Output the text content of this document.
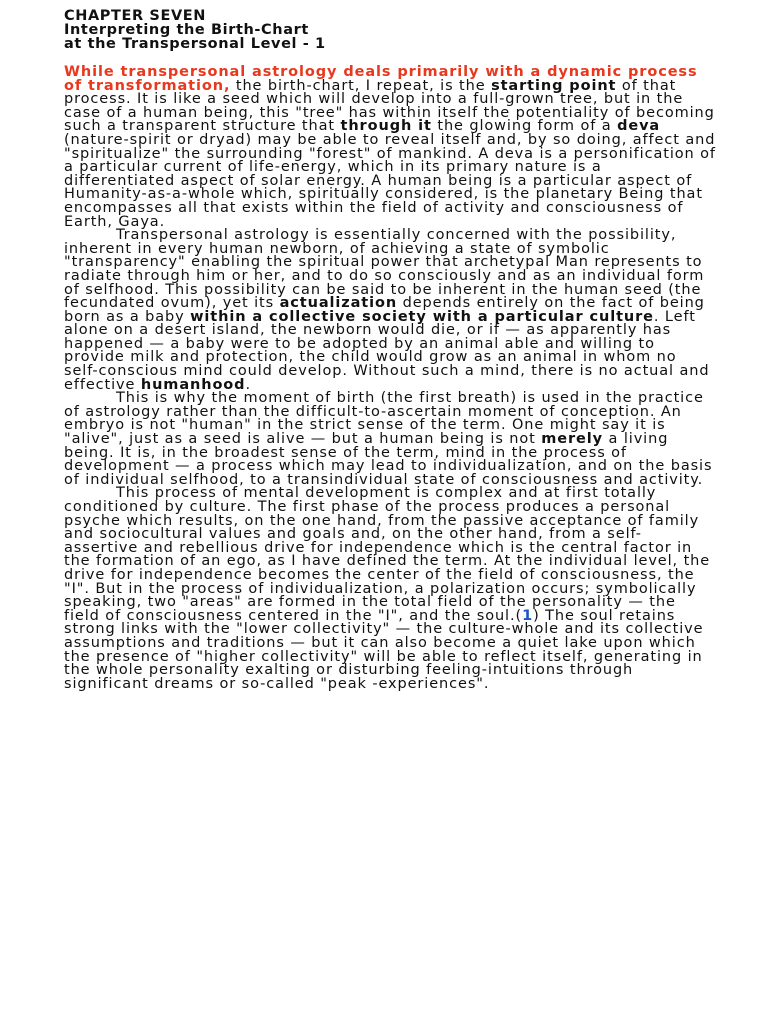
CHAPTER SEVEN
Interpreting the Birth-Chart
at the Transpersonal Level - 1

While transpersonal astrology deals primarily with a dynamic process of transformation, the birth-chart, I repeat, is the starting point of that process. It is like a seed which will develop into a full-grown tree, but in the case of a human being, this "tree" has within itself the potentiality of becoming such a transparent structure that through it the glowing form of a deva (nature-spirit or dryad) may be able to reveal itself and, by so doing, affect and "spiritualize" the surrounding "forest" of mankind. A deva is a personification of a particular current of life-energy, which in its primary nature is a differentiated aspect of solar energy. A human being is a particular aspect of Humanity-as-a-whole which, spiritually considered, is the planetary Being that encompasses all that exists within the field of activity and consciousness of Earth, Gaya.

Transpersonal astrology is essentially concerned with the possibility, inherent in every human newborn, of achieving a state of symbolic "transparency" enabling the spiritual power that archetypal Man represents to radiate through him or her, and to do so consciously and as an individual form of selfhood. This possibility can be said to be inherent in the human seed (the fecundated ovum), yet its actualization depends entirely on the fact of being born as a baby within a collective society with a particular culture. Left alone on a desert island, the newborn would die, or if — as apparently has happened — a baby were to be adopted by an animal able and willing to provide milk and protection, the child would grow as an animal in whom no self-conscious mind could develop. Without such a mind, there is no actual and effective humanhood.

This is why the moment of birth (the first breath) is used in the practice of astrology rather than the difficult-to-ascertain moment of conception. An embryo is not "human" in the strict sense of the term. One might say it is "alive", just as a seed is alive — but a human being is not merely a living being. It is, in the broadest sense of the term, mind in the process of development — a process which may lead to individualization, and on the basis of individual selfhood, to a transindividual state of consciousness and activity.

This process of mental development is complex and at first totally conditioned by culture. The first phase of the process produces a personal psyche which results, on the one hand, from the passive acceptance of family and sociocultural values and goals and, on the other hand, from a self-assertive and rebellious drive for independence which is the central factor in the formation of an ego, as I have defined the term. At the individual level, the drive for independence becomes the center of the field of consciousness, the "I". But in the process of individualization, a polarization occurs; symbolically speaking, two "areas" are formed in the total field of the personality — the field of consciousness centered in the "I", and the soul.(1) The soul retains strong links with the "lower collectivity" — the culture-whole and its collective assumptions and traditions — but it can also become a quiet lake upon which the presence of "higher collectivity" will be able to reflect itself, generating in the whole personality exalting or disturbing feeling-intuitions through significant dreams or so-called "peak -experiences".
